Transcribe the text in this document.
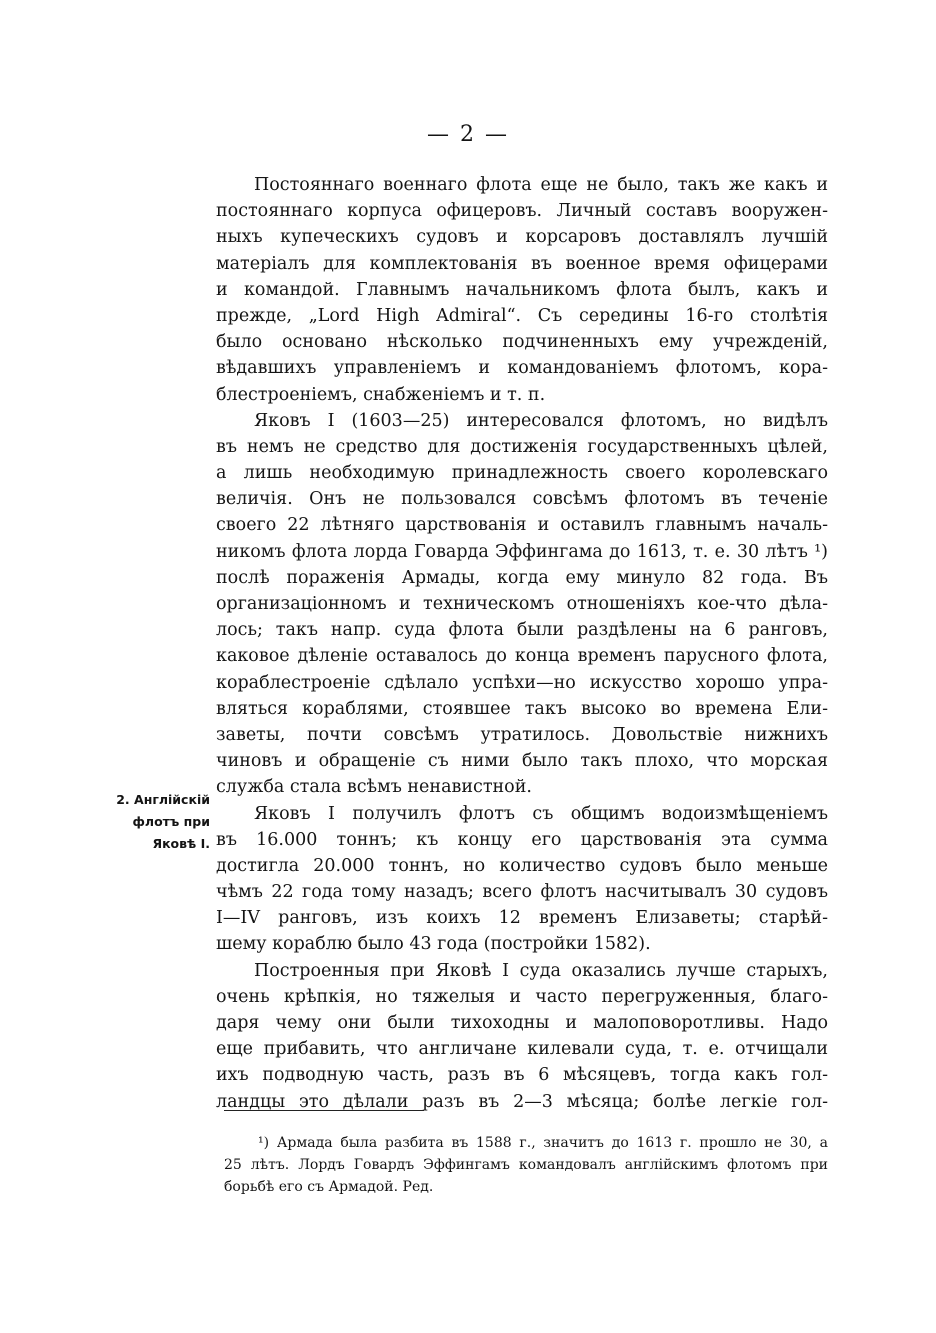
— 2 —
Постояннаго военнаго флота еще не было, такъ же какъ и
постояннаго корпуса офицеровъ. Личный составъ вооружен-
ныхъ купеческихъ судовъ и корсаровъ доставлялъ лучшій
матеріалъ для комплектованія въ военное время офицерами
и командой. Главнымъ начальникомъ флота былъ, какъ и
прежде, „Lord High Admiral“. Съ середины 16-го столѣтія
было основано нѣсколько подчиненныхъ ему учрежденій,
вѣдавшихъ управленіемъ и командованіемъ флотомъ, кора-
блестроеніемъ, снабженіемъ и т. п.
Яковъ I (1603—25) интересовался флотомъ, но видѣлъ
въ немъ не средство для достиженія государственныхъ цѣлей,
а лишь необходимую принадлежность своего королевскаго
величія. Онъ не пользовался совсѣмъ флотомъ въ теченіе
своего 22 лѣтняго царствованія и оставилъ главнымъ началь-
никомъ флота лорда Говарда Эффингама до 1613, т. е. 30 лѣтъ ¹)
послѣ пораженія Армады, когда ему минуло 82 года. Въ
организаціонномъ и техническомъ отношеніяхъ кое-что дѣла-
лось; такъ напр. суда флота были раздѣлены на 6 ранговъ,
каковое дѣленіе оставалось до конца временъ парусного флота,
кораблестроеніе сдѣлало успѣхи—но искусство хорошо упра-
вляться кораблями, стоявшее такъ высоко во времена Ели-
заветы, почти совсѣмъ утратилось. Довольствіе нижнихъ
чиновъ и обращеніе съ ними было такъ плохо, что морская
служба стала всѣмъ ненавистной.
Яковъ I получилъ флотъ съ общимъ водоизмѣщеніемъ
въ 16.000 тоннъ; къ концу его царствованія эта сумма
достигла 20.000 тоннъ, но количество судовъ было меньше
чѣмъ 22 года тому назадъ; всего флотъ насчитывалъ 30 судовъ
I—IV ранговъ, изъ коихъ 12 временъ Елизаветы; старѣй-
шему кораблю было 43 года (постройки 1582).
Построенныя при Яковѣ I суда оказались лучше старыхъ,
очень крѣпкія, но тяжелыя и часто перегруженныя, благо-
даря чему они были тихоходны и малоповоротливы. Надо
еще прибавить, что англичане килевали суда, т. е. отчищали
ихъ подводную часть, разъ въ 6 мѣсяцевъ, тогда какъ гол-
ландцы это дѣлали разъ въ 2—3 мѣсяца; болѣе легкіе гол-
2. Англійскій
флотъ при
Яковѣ I.
¹) Армада была разбита въ 1588 г., значитъ до 1613 г. прошло не 30, а
25 лѣтъ. Лордъ Говардъ Эффингамъ командовалъ англійскимъ флотомъ при
борьбѣ его съ Армадой. Ред.
